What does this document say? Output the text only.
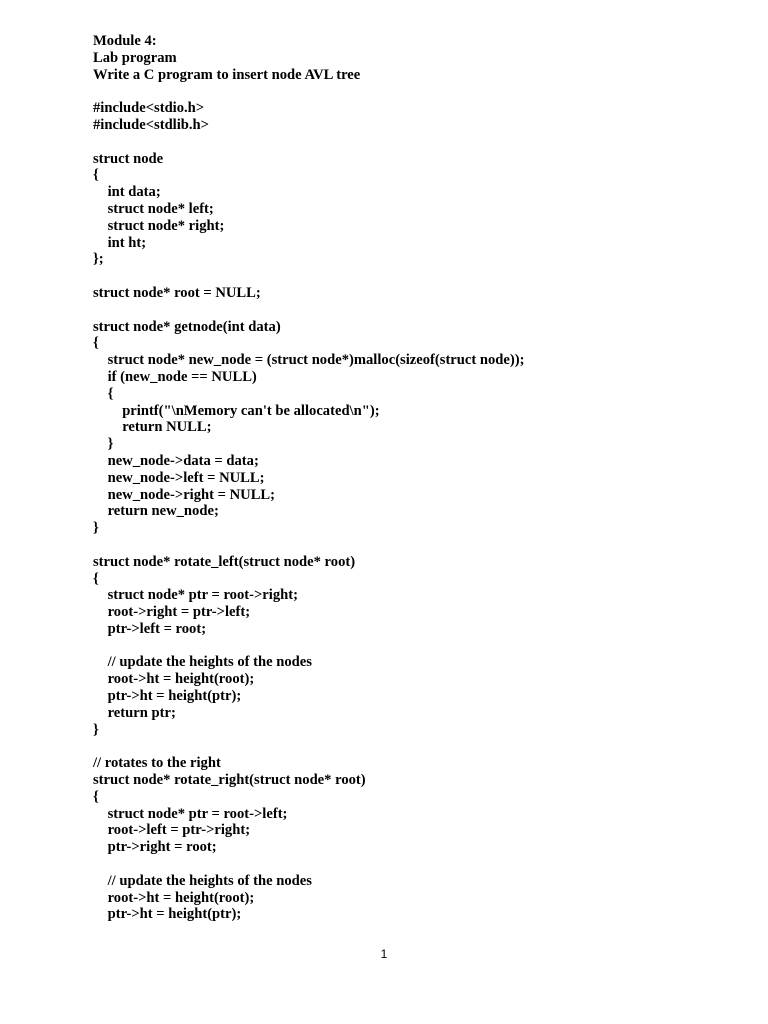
Module 4:
Lab program
Write a C program to insert node AVL tree
#include<stdio.h>
#include<stdlib.h>
struct node
{
int data;
struct node* left;
struct node* right;
int ht;
};
struct node* root = NULL;
struct node* getnode(int data)
{
struct node* new_node = (struct node*)malloc(sizeof(struct node));
if (new_node == NULL)
{
printf("\nMemory can't be allocated\n");
return NULL;
}
new_node->data = data;
new_node->left = NULL;
new_node->right = NULL;
return new_node;
}
struct node* rotate_left(struct node* root)
{
struct node* ptr = root->right;
root->right = ptr->left;
ptr->left = root;
// update the heights of the nodes
root->ht = height(root);
ptr->ht = height(ptr);
return ptr;
}
// rotates to the right
struct node* rotate_right(struct node* root)
{
struct node* ptr = root->left;
root->left = ptr->right;
ptr->right = root;
// update the heights of the nodes
root->ht = height(root);
ptr->ht = height(ptr);
1
